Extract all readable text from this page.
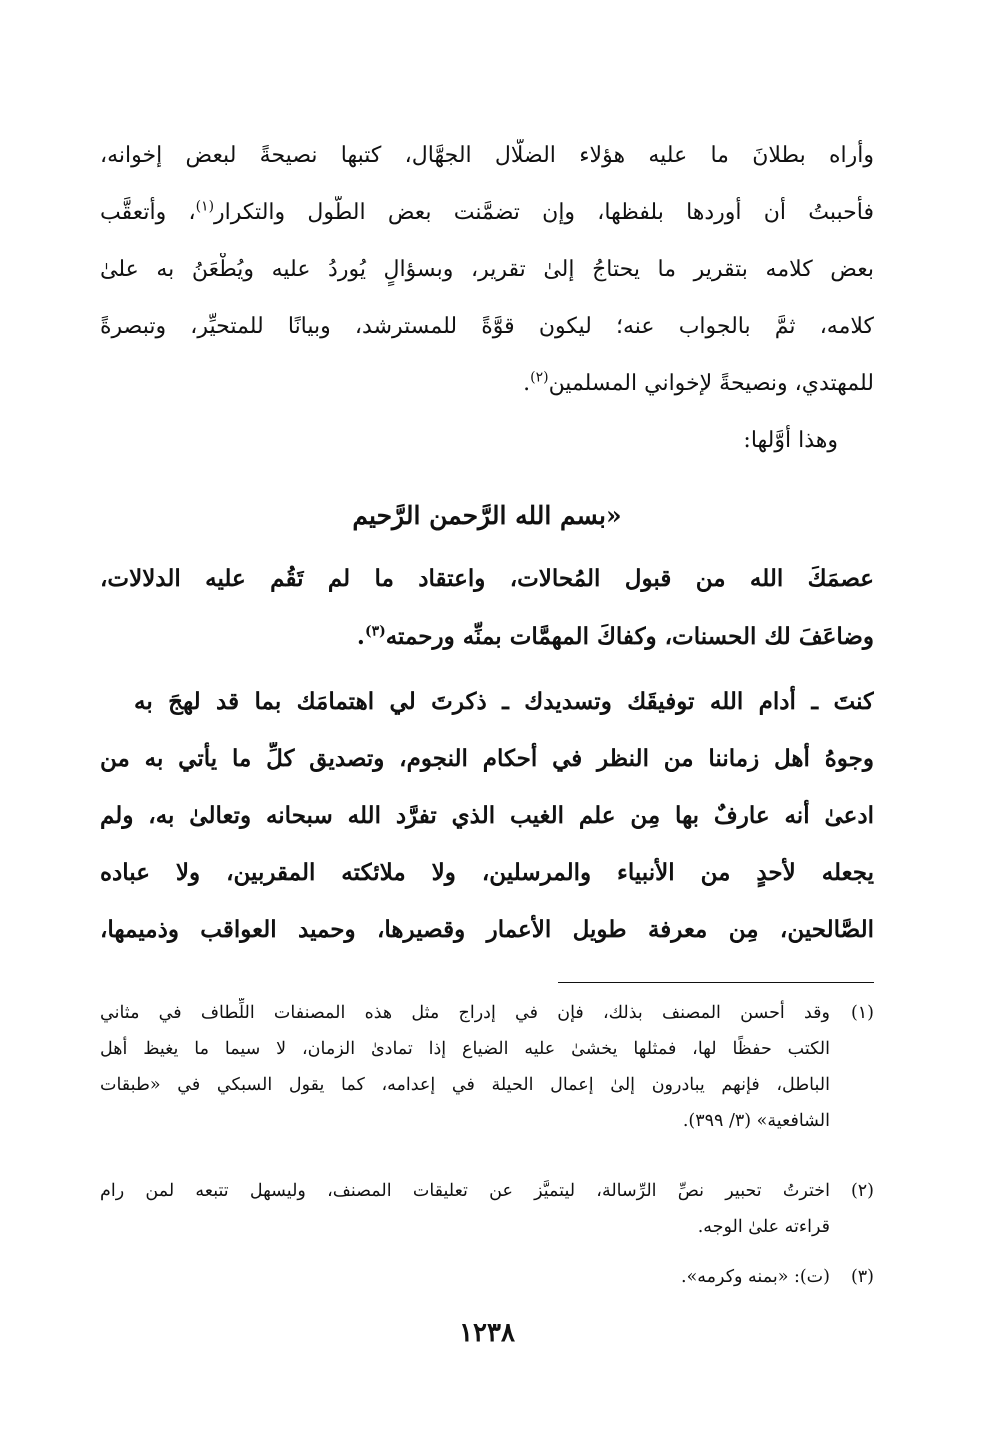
وأراه بطلانَ ما عليه هؤلاء الضلَّال الجهَّال، كتبها نصيحةً لبعض إخوانه،
فأحببتُ أن أوردها بلفظها، وإن تضمَّنت بعض الطُّول والتكرار$^{(١)}$، وأتعقَّب
بعض كلامه بتقرير ما يحتاجُ إلىٰ تقرير، وبسؤالٍ يُوردُ عليه ويُطْعَنُ به علىٰ
كلامه، ثمَّ بالجواب عنه؛ ليكون قوَّةً للمسترشد، وبيانًا للمتحيِّر، وتبصرةً
للمهتدي، ونصيحةً لإخواني المسلمين$^{(٢)}$.
وهذا أوَّلها:
«بسم الله الرَّحمن الرَّحيم
عصمَكَ الله من قبول المُحالات، واعتقاد ما لم تَقُم عليه الدلالات،
وضاعَفَ لك الحسنات، وكفاكَ المهمَّات بمنِّه ورحمته$^{(٣)}$.
كنتَ ـ أدام الله توفيقَك وتسديدك ـ ذكرتَ لي اهتمامَك بما قد لهجَ به
وجوهُ أهل زماننا من النظر في أحكام النجوم، وتصديق كلِّ ما يأتي به من
ادعىٰ أنه عارفٌ بها مِن علم الغيب الذي تفرَّد الله سبحانه وتعالىٰ به، ولم
يجعله لأحدٍ من الأنبياء والمرسلين، ولا ملائكته المقربين، ولا عباده
الصَّالحين، مِن معرفة طويل الأعمار وقصيرها، وحميد العواقب وذميمها،
(١)
وقد أحسن المصنف بذلك، فإن في إدراج مثل هذه المصنفات اللِّطاف في مثاني
الكتب حفظًا لها، فمثلها يخشىٰ عليه الضياع إذا تمادىٰ الزمان، لا سيما ما يغيظ أهل
الباطل، فإنهم يبادرون إلىٰ إعمال الحيلة في إعدامه، كما يقول السبكي في «طبقات
الشافعية» (٣/ ٣٩٩).
(٢)
اخترتُ تحبير نصِّ الرِّسالة، ليتميَّز عن تعليقات المصنف، وليسهل تتبعه لمن رام
قراءته علىٰ الوجه.
(٣)
(ت): «بمنه وكرمه».
١٢٣٨
